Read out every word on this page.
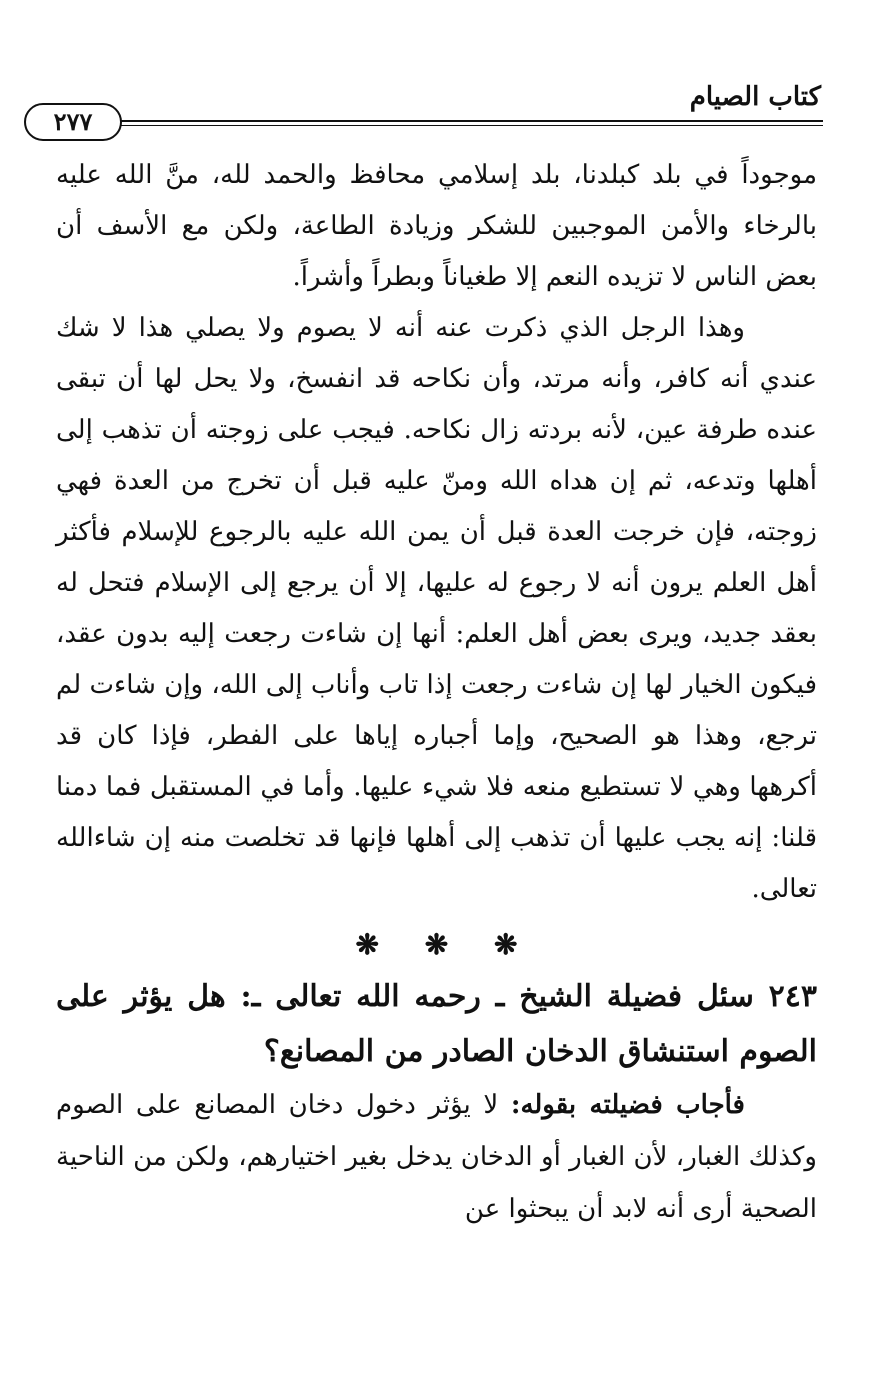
كتاب الصيام
٢٧٧

موجوداً في بلد كبلدنا، بلد إسلامي محافظ والحمد لله، منَّ الله عليه بالرخاء والأمن الموجبين للشكر وزيادة الطاعة، ولكن مع الأسف أن بعض الناس لا تزيده النعم إلا طغياناً وبطراً وأشراً.

وهذا الرجل الذي ذكرت عنه أنه لا يصوم ولا يصلي هذا لا شك عندي أنه كافر، وأنه مرتد، وأن نكاحه قد انفسخ، ولا يحل لها أن تبقى عنده طرفة عين، لأنه بردته زال نكاحه. فيجب على زوجته أن تذهب إلى أهلها وتدعه، ثم إن هداه الله ومنّ عليه قبل أن تخرج من العدة فهي زوجته، فإن خرجت العدة قبل أن يمن الله عليه بالرجوع للإسلام فأكثر أهل العلم يرون أنه لا رجوع له عليها، إلا أن يرجع إلى الإسلام فتحل له بعقد جديد، ويرى بعض أهل العلم: أنها إن شاءت رجعت إليه بدون عقد، فيكون الخيار لها إن شاءت رجعت إذا تاب وأناب إلى الله، وإن شاءت لم ترجع، وهذا هو الصحيح، وإما أجباره إياها على الفطر، فإذا كان قد أكرهها وهي لا تستطيع منعه فلا شيء عليها. وأما في المستقبل فما دمنا قلنا: إنه يجب عليها أن تذهب إلى أهلها فإنها قد تخلصت منه إن شاءالله تعالى.

❋ ❋ ❋

٢٤٣ سئل فضيلة الشيخ ـ رحمه الله تعالى ـ: هل يؤثر على الصوم استنشاق الدخان الصادر من المصانع؟

فأجاب فضيلته بقوله: لا يؤثر دخول دخان المصانع على الصوم وكذلك الغبار، لأن الغبار أو الدخان يدخل بغير اختيارهم، ولكن من الناحية الصحية أرى أنه لابد أن يبحثوا عن
